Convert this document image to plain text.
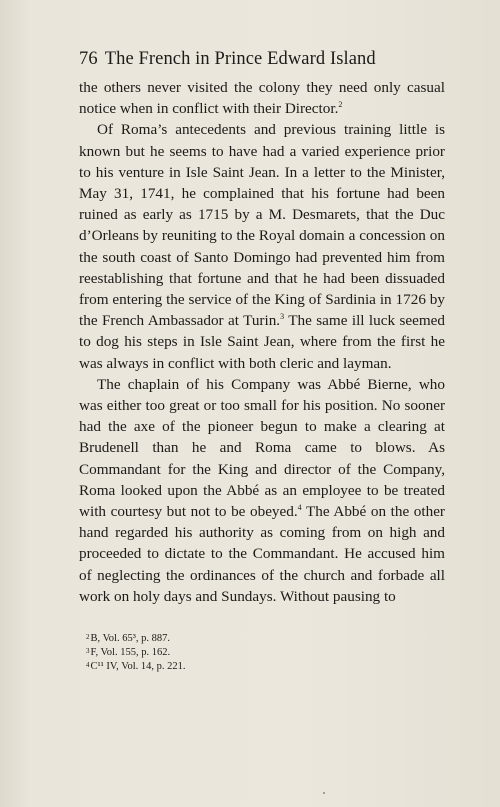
76 The French in Prince Edward Island

the others never visited the colony they need only casual notice when in conflict with their Director.$^2$

Of Roma’s antecedents and previous training little is known but he seems to have had a varied experience prior to his venture in Isle Saint Jean. In a letter to the Minister, May 31, 1741, he complained that his fortune had been ruined as early as 1715 by a M. Desmarets, that the Duc d’Orleans by reuniting to the Royal domain a concession on the south coast of Santo Domingo had prevented him from reestablishing that fortune and that he had been dissuaded from entering the service of the King of Sardinia in 1726 by the French Ambassador at Turin.$^3$ The same ill luck seemed to dog his steps in Isle Saint Jean, where from the first he was always in conflict with both cleric and layman.

The chaplain of his Company was Abbé Bierne, who was either too great or too small for his position. No sooner had the axe of the pioneer begun to make a clearing at Brudenell than he and Roma came to blows. As Commandant for the King and director of the Company, Roma looked upon the Abbé as an employee to be treated with courtesy but not to be obeyed.$^4$ The Abbé on the other hand regarded his authority as coming from on high and proceeded to dictate to the Commandant. He accused him of neglecting the ordinances of the church and forbade all work on holy days and Sundays. Without pausing to

$^2$B, Vol. 65³, p. 887.
$^3$F, Vol. 155, p. 162.
$^4$C¹¹ IV, Vol. 14, p. 221.
